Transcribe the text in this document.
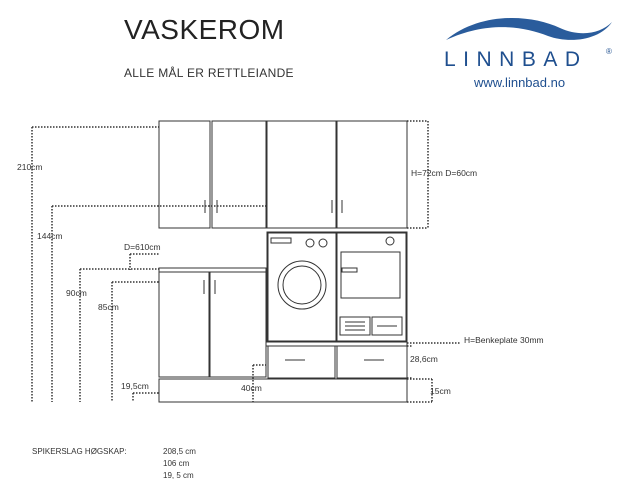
VASKEROM
ALLE MÅL ER RETTLEIANDE
LINNBAD ®
www.linnbad.no
210cm
144cm
D=610cm
90cm
85cm
19,5cm	40cm
H=72cm D=60cm
H=Benkeplate 30mm
28,6cm
15cm
SPIKERSLAG HØGSKAP:	208,5 cm
106 cm
19, 5 cm
